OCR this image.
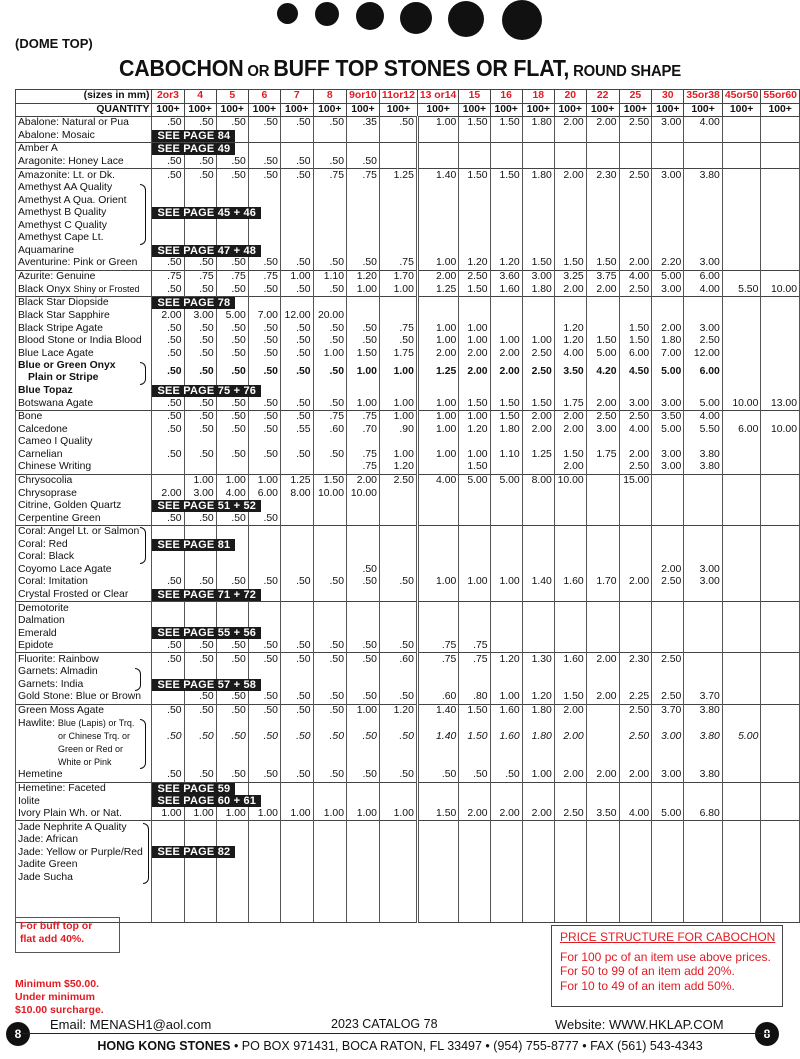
(DOME TOP)
CABOCHON OR BUFF TOP STONES OR FLAT, ROUND SHAPE
(sizes in mm)	2or3	4	5	6	7	8	9or10	11or12	13 or14	15	16	18	20	22	25	30	35or38	45or50	55or60
QUANTITY	100+	100+	100+	100+	100+	100+	100+	100+	100+	100+	100+	100+	100+	100+	100+	100+	100+	100+	100+
Abalone: Natural or Pua	.50	.50	.50	.50	.50	.50	.35	.50	1.00	1.50	1.50	1.80	2.00	2.00	2.50	3.00	4.00		
Abalone: Mosaic	SEE PAGE 84																		

Amber A	SEE PAGE 49																		

Aragonite: Honey Lace	.50	.50	.50	.50	.50	.50	.50												
Amazonite: Lt. or Dk.	.50	.50	.50	.50	.50	.75	.75	1.25	1.40	1.50	1.50	1.80	2.00	2.30	2.50	3.00	3.80		
Amethyst AA Quality																			
Amethyst A Qua. Orient																			
Amethyst B Quality	SEE PAGE 45 + 46																		

Amethyst C Quality																			
Amethyst Cape Lt.																			
Aquamarine	SEE PAGE 47 + 48																		

Aventurine: Pink or Green	.50	.50	.50	.50	.50	.50	.50	.75	1.00	1.20	1.20	1.50	1.50	1.50	2.00	2.20	3.00		
Azurite: Genuine	.75	.75	.75	.75	1.00	1.10	1.20	1.70	2.00	2.50	3.60	3.00	3.25	3.75	4.00	5.00	6.00		
Black Onyx Shiny or Frosted	.50	.50	.50	.50	.50	.50	1.00	1.00	1.25	1.50	1.60	1.80	2.00	2.00	2.50	3.00	4.00	5.50	10.00
Black Star Diopside	SEE PAGE 78																		

Black Star Sapphire	2.00	3.00	5.00	7.00	12.00	20.00													
Black Stripe Agate	.50	.50	.50	.50	.50	.50	.50	.75	1.00	1.00			1.20		1.50	2.00	3.00		
Blood Stone or India Blood	.50	.50	.50	.50	.50	.50	.50	.50	1.00	1.00	1.00	1.00	1.20	1.50	1.50	1.80	2.50		
Blue Lace Agate	.50	.50	.50	.50	.50	1.00	1.50	1.75	2.00	2.00	2.00	2.50	4.00	5.00	6.00	7.00	12.00		
Blue or Green Onyx
Plain or Stripe	.50	.50	.50	.50	.50	.50	1.00	1.00	1.25	2.00	2.00	2.50	3.50	4.20	4.50	5.00	6.00		
Blue Topaz	SEE PAGE 75 + 76																		

Botswana Agate	.50	.50	.50	.50	.50	.50	1.00	1.00	1.00	1.50	1.50	1.50	1.75	2.00	3.00	3.00	5.00	10.00	13.00
Bone	.50	.50	.50	.50	.50	.75	.75	1.00	1.00	1.00	1.50	2.00	2.00	2.50	2.50	3.50	4.00		
Calcedone	.50	.50	.50	.50	.55	.60	.70	.90	1.00	1.20	1.80	2.00	2.00	3.00	4.00	5.00	5.50	6.00	10.00
Cameo I Quality																			
Carnelian	.50	.50	.50	.50	.50	.50	.75	1.00	1.00	1.00	1.10	1.25	1.50	1.75	2.00	3.00	3.80		
Chinese Writing							.75	1.20		1.50			2.00		2.50	3.00	3.80		
Chrysocolia		1.00	1.00	1.00	1.25	1.50	2.00	2.50	4.00	5.00	5.00	8.00	10.00		15.00				
Chrysoprase	2.00	3.00	4.00	6.00	8.00	10.00	10.00												
Citrine, Golden Quartz	SEE PAGE 51 + 52																		

Cerpentine Green	.50	.50	.50	.50															
Coral: Angel Lt. or Salmon																			
Coral: Red	SEE PAGE 81																		

Coral: Black																			
Coyomo Lace Agate							.50									2.00	3.00		
Coral: Imitation	.50	.50	.50	.50	.50	.50	.50	.50	1.00	1.00	1.00	1.40	1.60	1.70	2.00	2.50	3.00		
Crystal Frosted or Clear	SEE PAGE 71 + 72																		

Demotorite																			
Dalmation																			
Emerald	SEE PAGE 55 + 56																		

Epidote	.50	.50	.50	.50	.50	.50	.50	.50	.75	.75									
Fluorite: Rainbow	.50	.50	.50	.50	.50	.50	.50	.60	.75	.75	1.20	1.30	1.60	2.00	2.30	2.50			
Garnets: Almadin																			
Garnets: India	SEE PAGE 57 + 58																		

Gold Stone: Blue or Brown		.50	.50	.50	.50	.50	.50	.50	.60	.80	1.00	1.20	1.50	2.00	2.25	2.50	3.70		
Green Moss Agate	.50	.50	.50	.50	.50	.50	1.00	1.20	1.40	1.50	1.60	1.80	2.00		2.50	3.70	3.80		
Hawlite: Blue (Lapis) or Trq.																			
or Chinese Trq. or	.50	.50	.50	.50	.50	.50	.50	.50	1.40	1.50	1.60	1.80	2.00		2.50	3.00	3.80	5.00	
Green or Red or																			
White or Pink																			
Hemetine	.50	.50	.50	.50	.50	.50	.50	.50	.50	.50	.50	1.00	2.00	2.00	2.00	3.00	3.80		
Hemetine: Faceted	SEE PAGE 59																		

Iolite	SEE PAGE 60 + 61																		

Ivory Plain Wh. or Nat.	1.00	1.00	1.00	1.00	1.00	1.00	1.00	1.00	1.50	2.00	2.00	2.00	2.50	3.50	4.00	5.00	6.80		
Jade Nephrite A Quality																			
Jade: African																			
Jade: Yellow or Purple/Red	SEE PAGE 82																		

Jadite Green																			
Jade Sucha																			

For buff top or
flat add 40%.
Minimum $50.00.
Under minimum
$10.00 surcharge.
PRICE STRUCTURE FOR CABOCHON
For 100 pc of an item use above prices.
For 50 to 99 of an item add 20%.
For 10 to 49 of an item add 50%.
8	8
Email: MENASH1@aol.com	2023 CATALOG 78	Website: WWW.HKLAP.COM
HONG KONG STONES • PO BOX 971431, BOCA RATON, FL 33497 • (954) 755-8777 • FAX (561) 543-4343
